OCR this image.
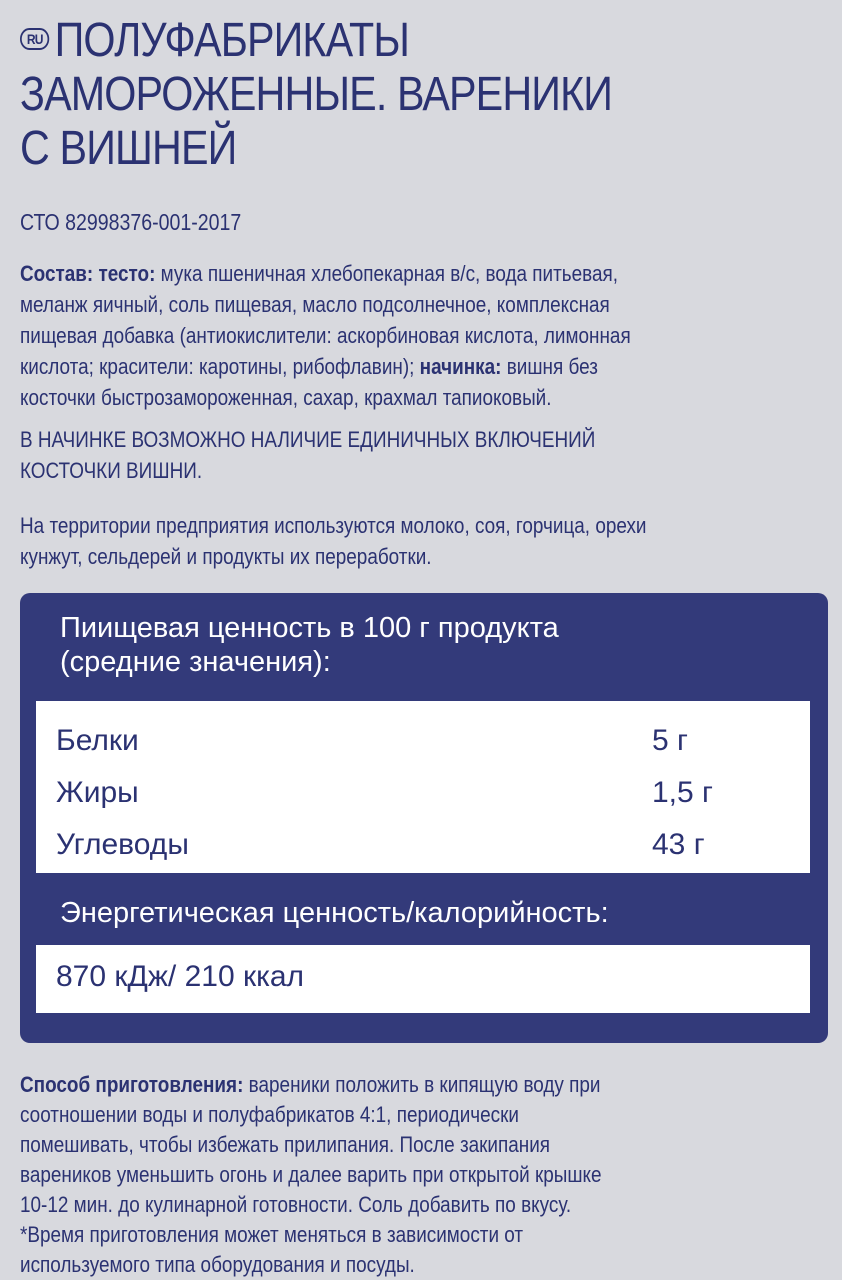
RU ПОЛУФАБРИКАТЫ
ЗАМОРОЖЕННЫЕ. ВАРЕНИКИ
С ВИШНЕЙ
СТО 82998376-001-2017
Состав: тесто: мука пшеничная хлебопекарная в/с, вода питьевая,
меланж яичный, соль пищевая, масло подсолнечное, комплексная
пищевая добавка (антиокислители: аскорбиновая кислота, лимонная
кислота; красители: каротины, рибофлавин); начинка: вишня без
косточки быстрозамороженная, сахар, крахмал тапиоковый.
В НАЧИНКЕ ВОЗМОЖНО НАЛИЧИЕ ЕДИНИЧНЫХ ВКЛЮЧЕНИЙ
КОСТОЧКИ ВИШНИ.
На территории предприятия используются молоко, соя, горчица, орехи
кунжут, сельдерей и продукты их переработки.
Пиищевая ценность в 100 г продукта
(средние значения):
Белки	5 г
Жиры	1,5 г
Углеводы	43 г
Энергетическая ценность/калорийность:
870 кДж/ 210 ккал
Способ приготовления: вареники положить в кипящую воду при
соотношении воды и полуфабрикатов 4:1, периодически
помешивать, чтобы избежать прилипания. После закипания
вареников уменьшить огонь и далее варить при открытой крышке
10-12 мин. до кулинарной готовности. Соль добавить по вкусу.
*Время приготовления может меняться в зависимости от
используемого типа оборудования и посуды.
